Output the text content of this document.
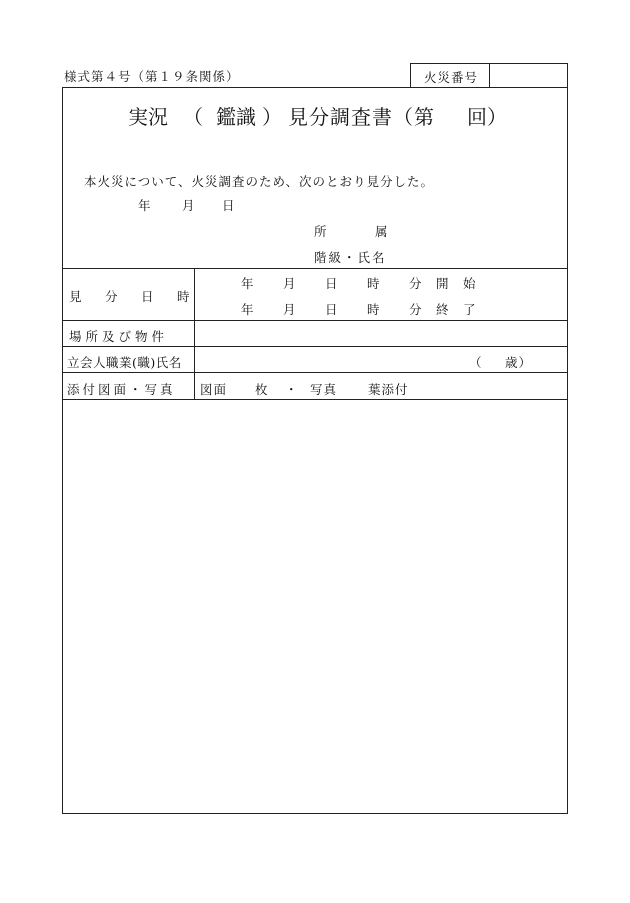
様式第４号（第１９条関係）	火災番号
実況 （ 鑑識 ） 見分調査書（第 回）
本火災について、火災調査のため、次のとおり見分した。
年 月 日
所	属
階級・氏名
見 分 日 時
年 月 日 時 分 開 始
年 月 日 時 分 終 了
場所及び物件
立会人職業(職)氏名	（ 歳）
添付図面・写真 図面 枚 ・ 写真 葉添付
